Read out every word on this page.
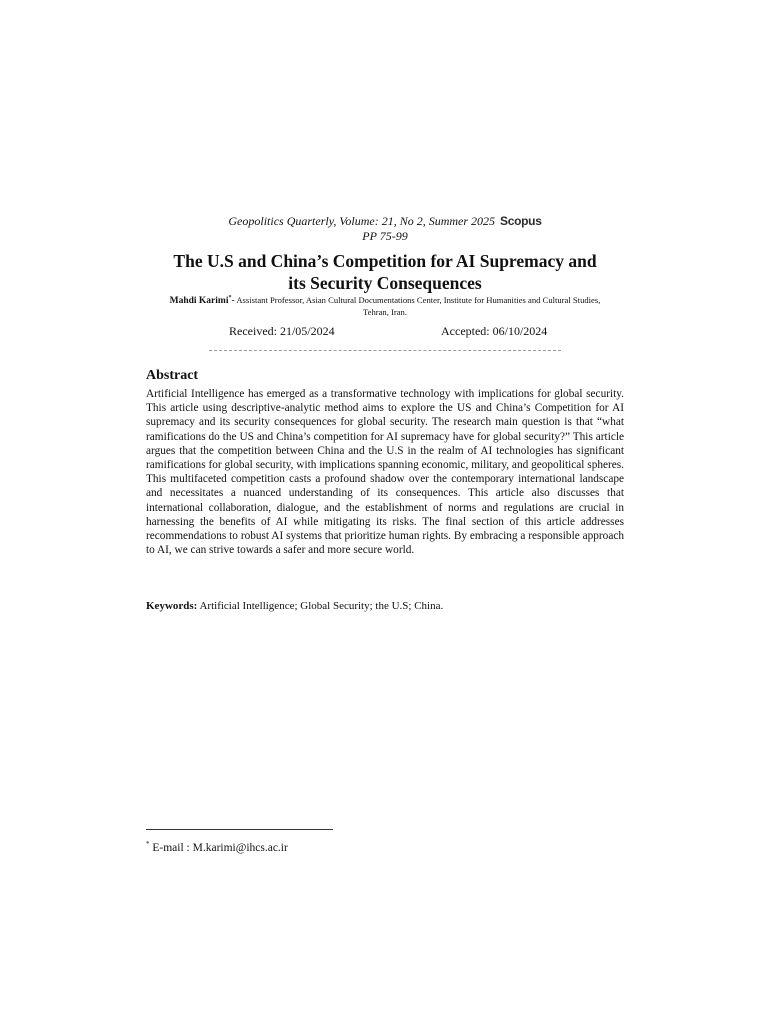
Geopolitics Quarterly, Volume: 21, No 2, Summer 2025 Scopus
PP 75-99
The U.S and China’s Competition for AI Supremacy and
its Security Consequences
Mahdi Karimi*- Assistant Professor, Asian Cultural Documentations Center, Institute for Humanities and Cultural Studies,
Tehran, Iran.
Received: 21/05/2024	Accepted: 06/10/2024
Abstract
Artificial Intelligence has emerged as a transformative technology with implications for global security. This article using descriptive-analytic method aims to explore the US and China’s Competition for AI supremacy and its security consequences for global security. The research main question is that “what ramifications do the US and China’s competition for AI supremacy have for global security?” This article argues that the competition between China and the U.S in the realm of AI technologies has significant ramifications for global security, with implications spanning economic, military, and geopolitical spheres. This multifaceted competition casts a profound shadow over the contemporary international landscape and necessitates a nuanced understanding of its consequences. This article also discusses that international collaboration, dialogue, and the establishment of norms and regulations are crucial in harnessing the benefits of AI while mitigating its risks. The final section of this article addresses recommendations to robust AI systems that prioritize human rights. By embracing a responsible approach to AI, we can strive towards a safer and more secure world.
Keywords: Artificial Intelligence; Global Security; the U.S; China.
* E-mail : M.karimi@ihcs.ac.ir
